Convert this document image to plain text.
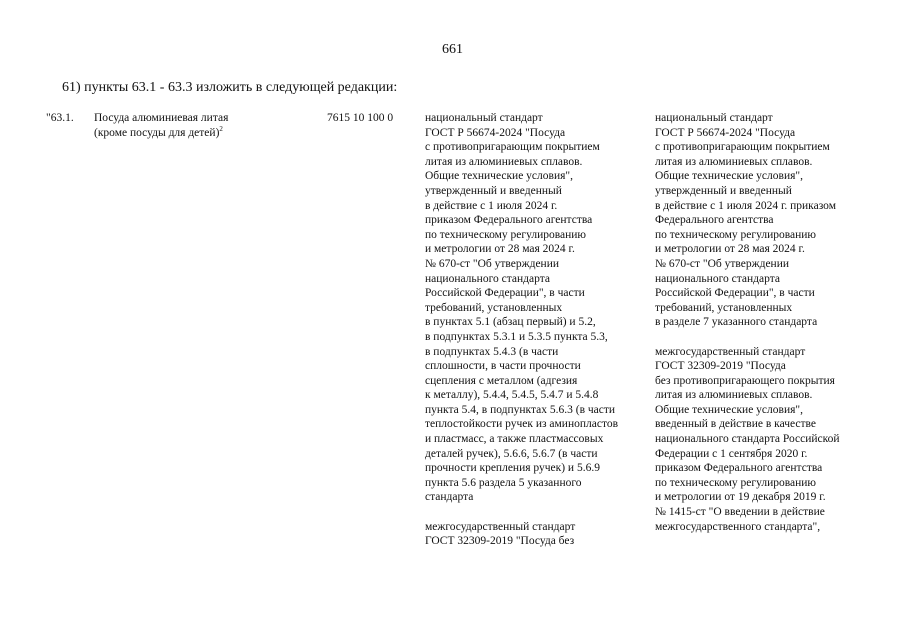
661
61) пункты 63.1 - 63.3 изложить в следующей редакции:
"63.1. Посуда алюминиевая литая
(кроме посуды для детей)$^2$
7615 10 100 0	национальный стандарт
ГОСТ Р 56674-2024 "Посуда
с противопригарающим покрытием
литая из алюминиевых сплавов.
Общие технические условия",
утвержденный и введенный
в действие с 1 июля 2024 г.
приказом Федерального агентства
по техническому регулированию
и метрологии от 28 мая 2024 г.
№ 670-ст "Об утверждении
национального стандарта
Российской Федерации", в части
требований, установленных
в пунктах 5.1 (абзац первый) и 5.2,
в подпунктах 5.3.1 и 5.3.5 пункта 5.3,
в подпунктах 5.4.3 (в части
сплошности, в части прочности
сцепления с металлом (адгезия
к металлу), 5.4.4, 5.4.5, 5.4.7 и 5.4.8
пункта 5.4, в подпунктах 5.6.3 (в части
теплостойкости ручек из аминопластов
и пластмасс, а также пластмассовых
деталей ручек), 5.6.6, 5.6.7 (в части
прочности крепления ручек) и 5.6.9
пункта 5.6 раздела 5 указанного
стандарта
межгосударственный стандарт
ГОСТ 32309-2019 "Посуда без
национальный стандарт
ГОСТ Р 56674-2024 "Посуда
с противопригарающим покрытием
литая из алюминиевых сплавов.
Общие технические условия",
утвержденный и введенный
в действие с 1 июля 2024 г. приказом
Федерального агентства
по техническому регулированию
и метрологии от 28 мая 2024 г.
№ 670-ст "Об утверждении
национального стандарта
Российской Федерации", в части
требований, установленных
в разделе 7 указанного стандарта
межгосударственный стандарт
ГОСТ 32309-2019 "Посуда
без противопригарающего покрытия
литая из алюминиевых сплавов.
Общие технические условия",
введенный в действие в качестве
национального стандарта Российской
Федерации с 1 сентября 2020 г.
приказом Федерального агентства
по техническому регулированию
и метрологии от 19 декабря 2019 г.
№ 1415-ст "О введении в действие
межгосударственного стандарта",
